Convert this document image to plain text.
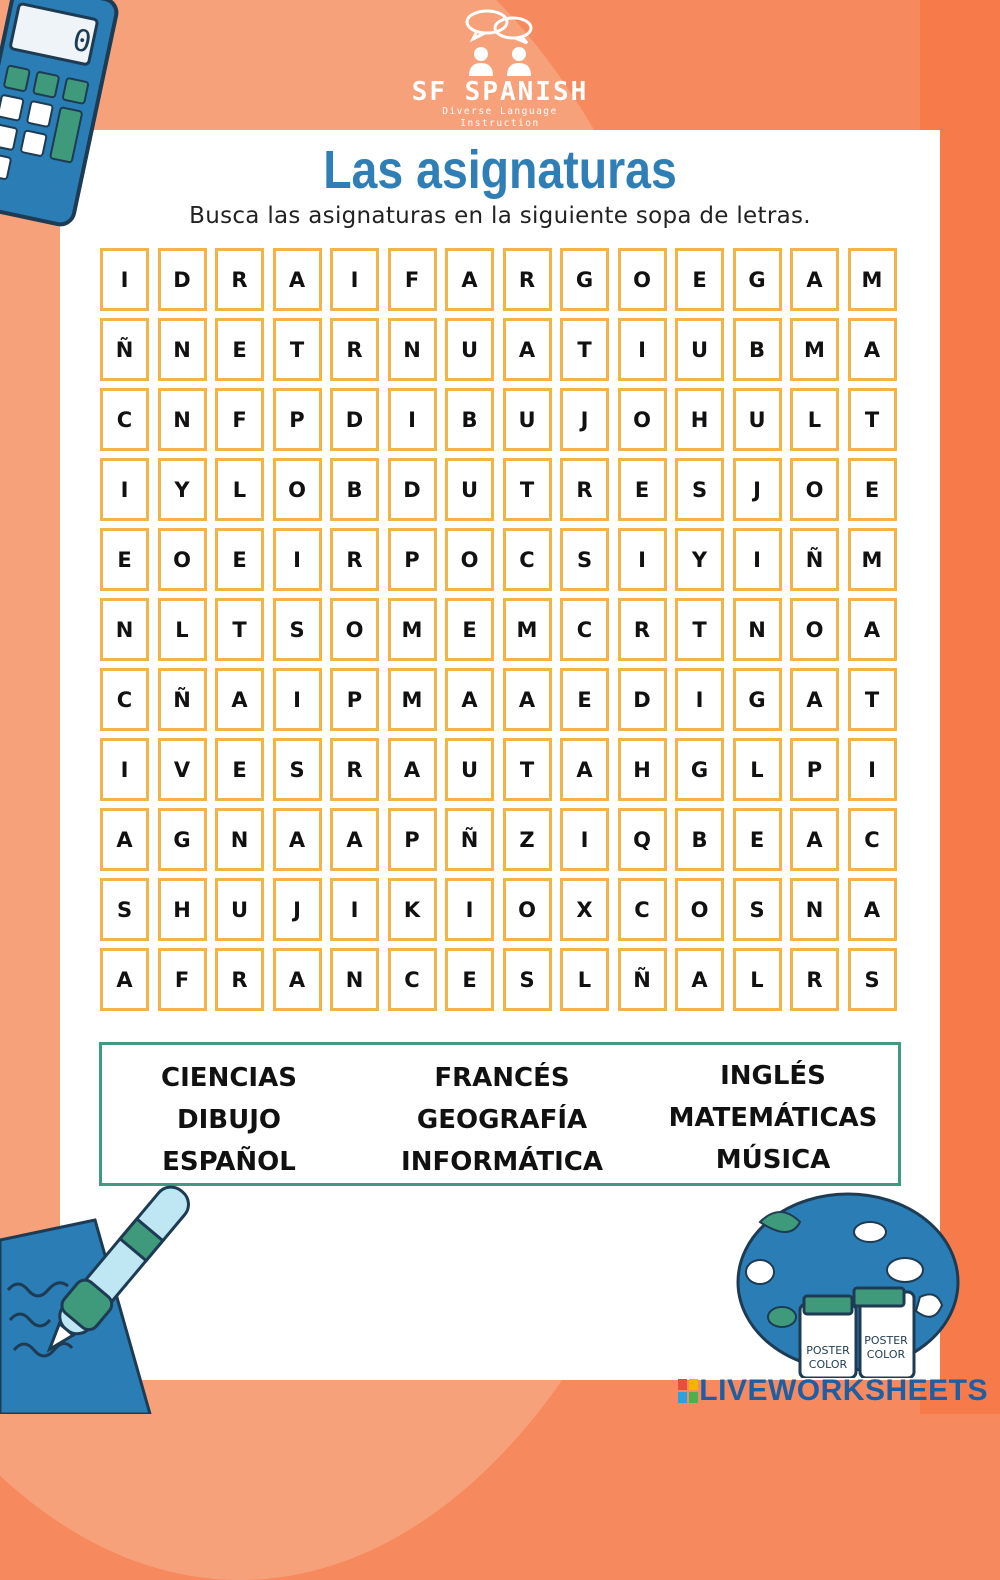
0
SF SPANISH
Diverse Language Instruction
Las asignaturas
Busca las asignaturas en la siguiente sopa de letras.
I	D	R	A	I	F	A	R	G	O	E	G	A	M
Ñ	N	E	T	R	N	U	A	T	I	U	B	M	A
C	N	F	P	D	I	B	U	J	O	H	U	L	T
I	Y	L	O	B	D	U	T	R	E	S	J	O	E
E	O	E	I	R	P	O	C	S	I	Y	I	Ñ	M
N	L	T	S	O	M	E	M	C	R	T	N	O	A
C	Ñ	A	I	P	M	A	A	E	D	I	G	A	T
I	V	E	S	R	A	U	T	A	H	G	L	P	I
A	G	N	A	A	P	Ñ	Z	I	Q	B	E	A	C
S	H	U	J	I	K	I	O	X	C	O	S	N	A
A	F	R	A	N	C	E	S	L	Ñ	A	L	R	S
CIENCIAS
DIBUJO
ESPAÑOL
FRANCÉS
GEOGRAFÍA
INFORMÁTICA
INGLÉS
MATEMÁTICAS
MÚSICA
POSTER
COLOR
POSTER
COLOR
LIVEWORKSHEETS
